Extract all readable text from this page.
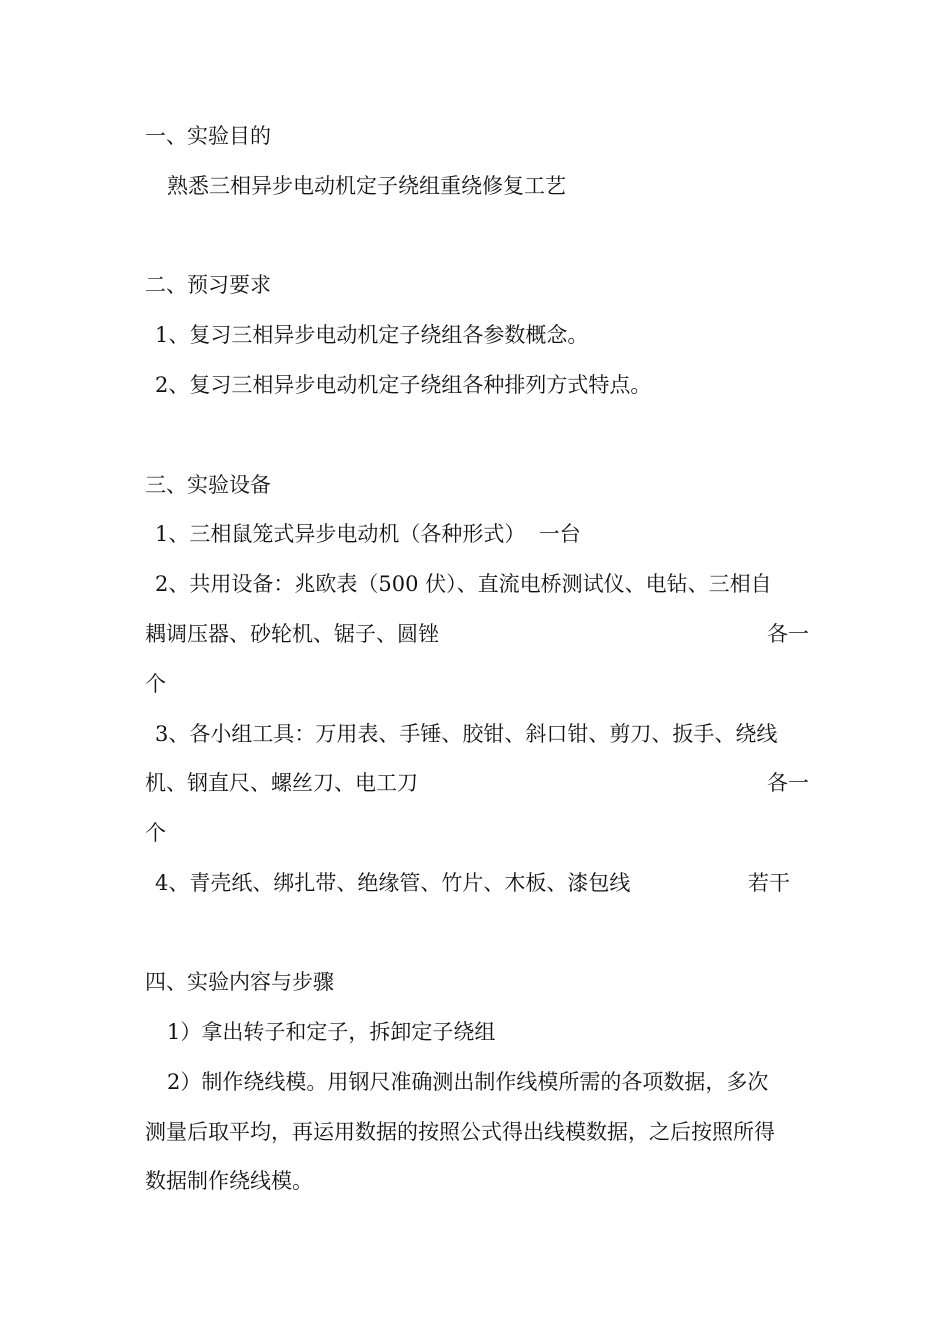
一、实验目的
熟悉三相异步电动机定子绕组重绕修复工艺
二、预习要求
1、复习三相异步电动机定子绕组各参数概念。
2、复习三相异步电动机定子绕组各种排列方式特点。
三、实验设备
1、三相鼠笼式异步电动机（各种形式）  一台
2、共用设备：兆欧表（500 伏）、直流电桥测试仪、电钻、三相自
耦调压器、砂轮机、锯子、圆锉	各一
个
3、各小组工具：万用表、手锤、胶钳、斜口钳、剪刀、扳手、绕线
机、钢直尺、螺丝刀、电工刀	各一
个
4、青壳纸、绑扎带、绝缘管、竹片、木板、漆包线	若干
四、实验内容与步骤
1）拿出转子和定子，拆卸定子绕组
2）制作绕线模。用钢尺准确测出制作线模所需的各项数据，多次
测量后取平均，再运用数据的按照公式得出线模数据，之后按照所得
数据制作绕线模。
